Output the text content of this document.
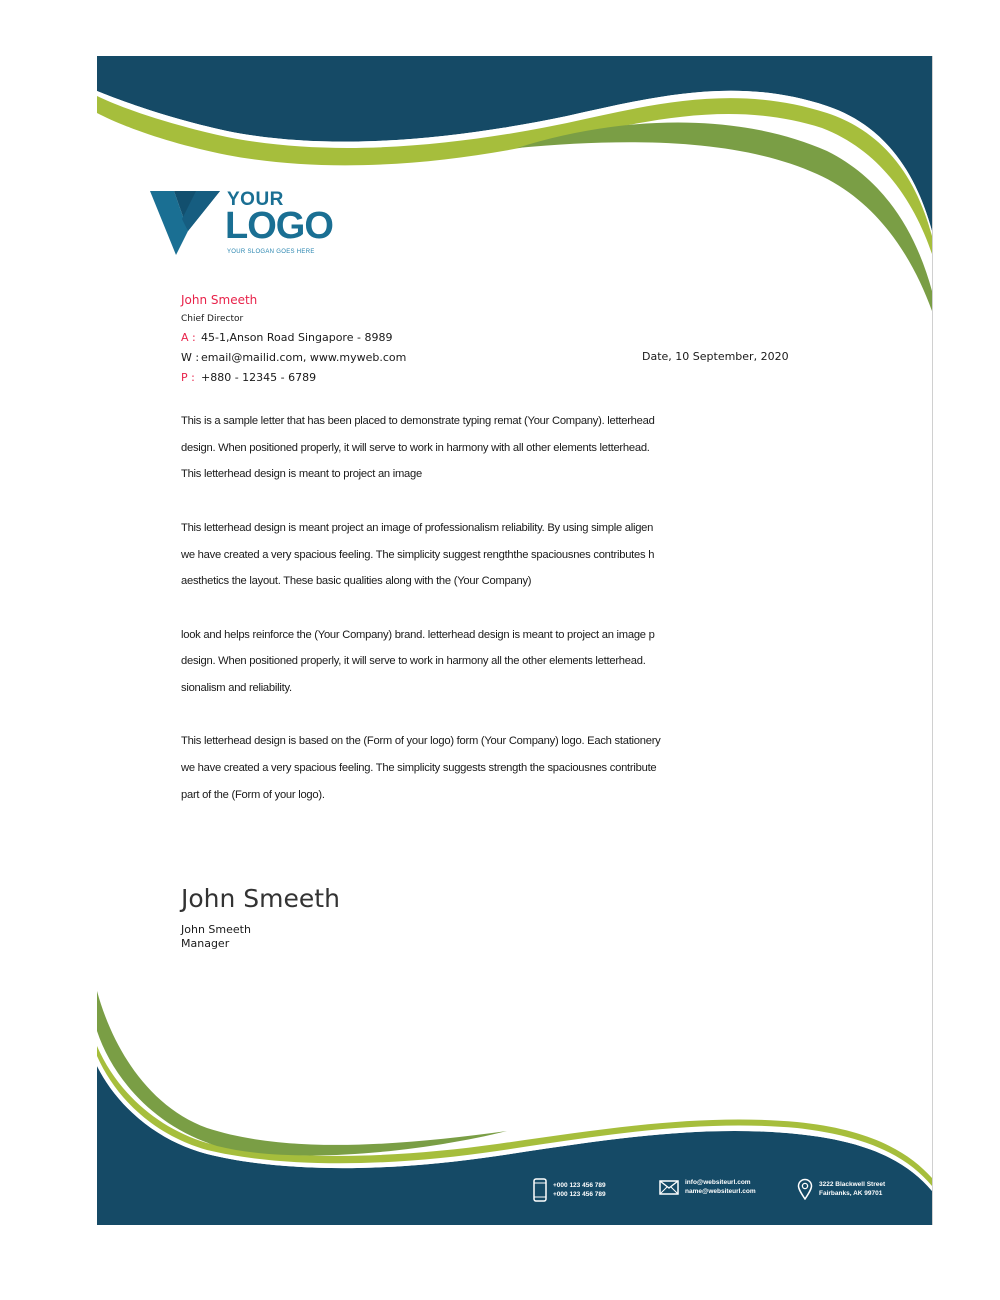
YOUR
LOGO
YOUR SLOGAN GOES HERE
John Smeeth
Chief Director
A : 45-1,Anson Road Singapore - 8989
W : email@mailid.com, www.myweb.com
P : +880 - 12345 - 6789
Date, 10 September, 2020

This is a sample letter that has been placed to demonstrate typing remat (Your Company). letterhead
design. When positioned properly, it will serve to work in harmony with all other elements letterhead.
This letterhead design is meant to project an image

This letterhead design is meant project an image of professionalism reliability. By using simple aligen
we have created a very spacious feeling. The simplicity suggest rengththe spaciousnes contributes h
aesthetics the layout. These basic qualities along with the (Your Company)

look and helps reinforce the (Your Company) brand. letterhead design is meant to project an image p
design. When positioned properly, it will serve to work in harmony all the other elements letterhead.
sionalism and reliability.

This letterhead design is based on the (Form of your logo) form (Your Company) logo. Each stationery
we have created a very spacious feeling. The simplicity suggests strength the spaciousnes contribute
part of the (Form of your logo).

John Smeeth
John Smeeth
Manager
+000 123 456 789
+000 123 456 789
info@websiteurl.com
name@websiteurl.com
3222 Blackwell Street
Fairbanks, AK 99701
